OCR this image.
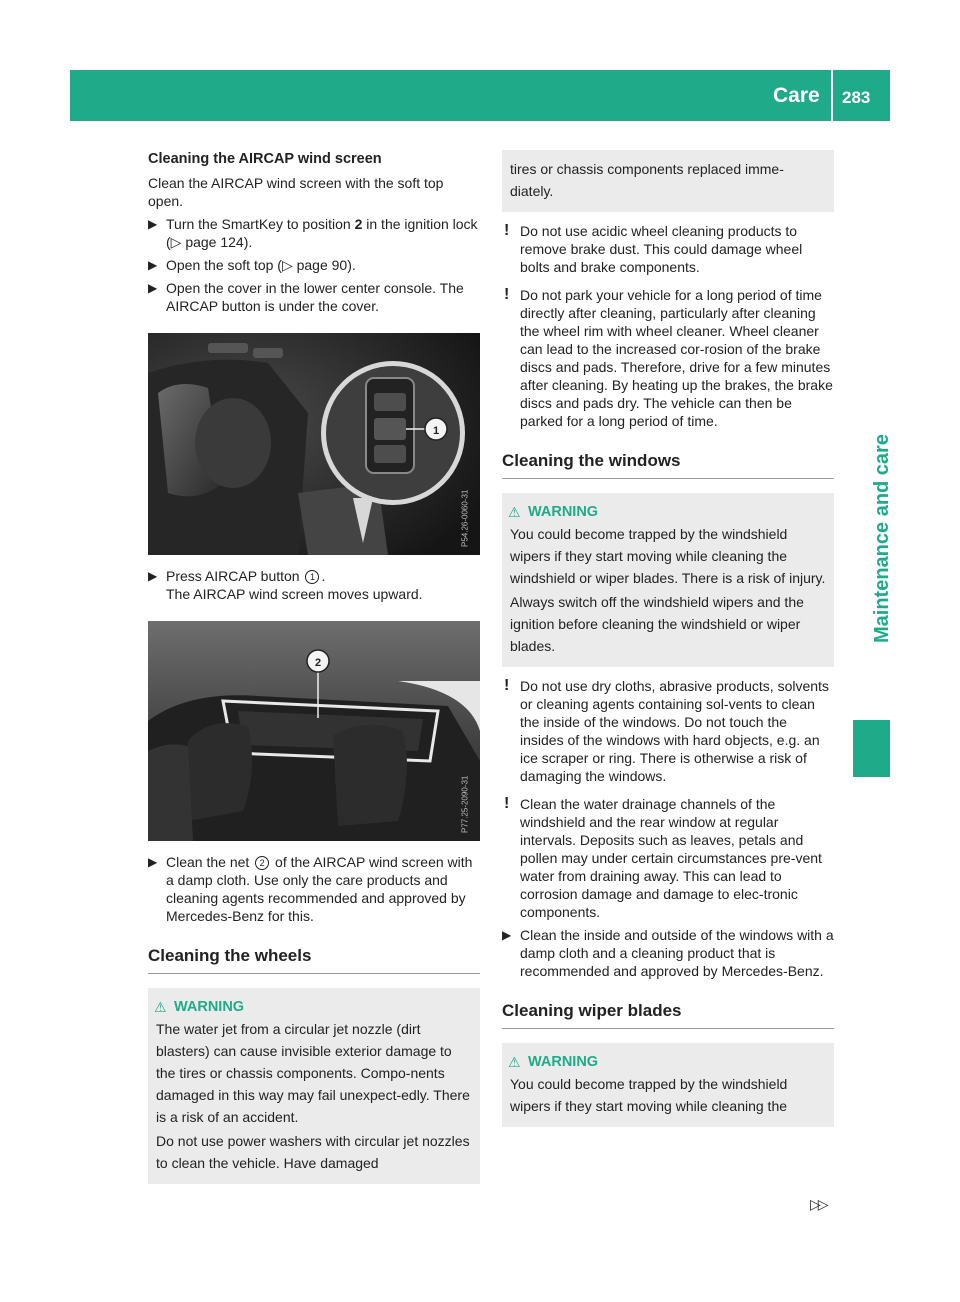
Care 283
Maintenance and care
Cleaning the AIRCAP wind screen

Clean the AIRCAP wind screen with the soft top open.

▶ Turn the SmartKey to position 2 in the ignition lock (▷ page 124).
▶ Open the soft top (▷ page 90).
▶ Open the cover in the lower center console. The AIRCAP button is under the cover.
1
P54.26-0060-31
▶ Press AIRCAP button 1 .
The AIRCAP wind screen moves upward.
2
P77.25-2090-31
▶ Clean the net 2 of the AIRCAP wind screen with a damp cloth. Use only the care products and cleaning agents recommended and approved by Mercedes-Benz for this.
Cleaning the wheels
⚠ WARNING

The water jet from a circular jet nozzle (dirt blasters) can cause invisible exterior damage to the tires or chassis components. Compo-nents damaged in this way may fail unexpect-edly. There is a risk of an accident.

Do not use power washers with circular jet nozzles to clean the vehicle. Have damaged

tires or chassis components replaced imme-diately.

! Do not use acidic wheel cleaning products to remove brake dust. This could damage wheel bolts and brake components.
! Do not park your vehicle for a long period of time directly after cleaning, particularly after cleaning the wheel rim with wheel cleaner. Wheel cleaner can lead to the increased cor-rosion of the brake discs and pads. Therefore, drive for a few minutes after cleaning. By heating up the brakes, the brake discs and pads dry. The vehicle can then be parked for a long period of time.
Cleaning the windows
⚠ WARNING

You could become trapped by the windshield wipers if they start moving while cleaning the windshield or wiper blades. There is a risk of injury.

Always switch off the windshield wipers and the ignition before cleaning the windshield or wiper blades.

! Do not use dry cloths, abrasive products, solvents or cleaning agents containing sol-vents to clean the inside of the windows. Do not touch the insides of the windows with hard objects, e.g. an ice scraper or ring. There is otherwise a risk of damaging the windows.
! Clean the water drainage channels of the windshield and the rear window at regular intervals. Deposits such as leaves, petals and pollen may under certain circumstances pre-vent water from draining away. This can lead to corrosion damage and damage to elec-tronic components.
▶ Clean the inside and outside of the windows with a damp cloth and a cleaning product that is recommended and approved by Mercedes-Benz.
Cleaning wiper blades
⚠ WARNING

You could become trapped by the windshield wipers if they start moving while cleaning the

▷▷
